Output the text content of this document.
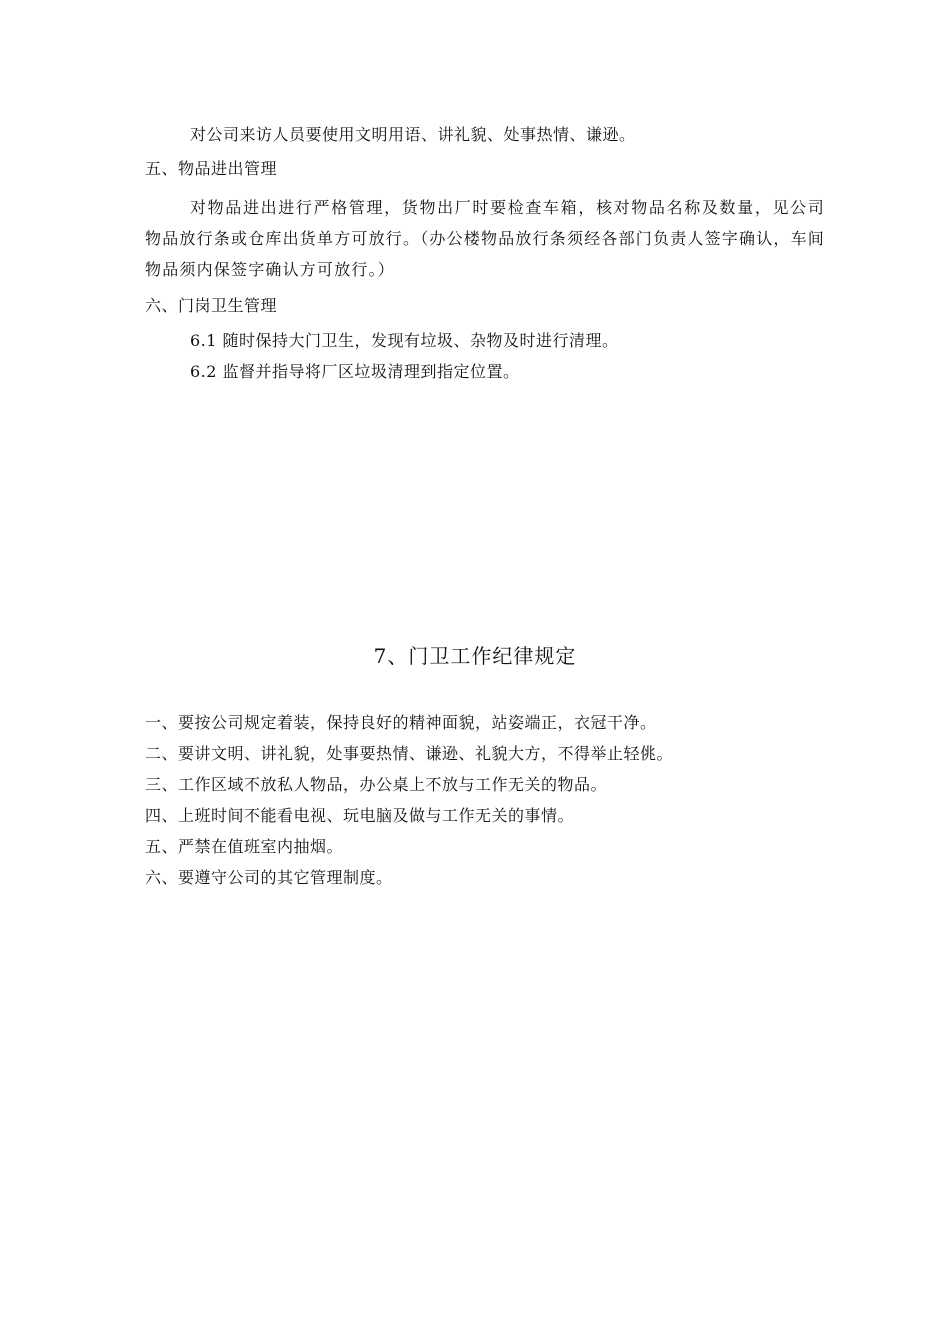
对公司来访人员要使用文明用语、讲礼貌、处事热情、谦逊。
五、物品进出管理
对物品进出进行严格管理，货物出厂时要检查车箱，核对物品名称及数量，见公司物品放行条或仓库出货单方可放行。（办公楼物品放行条须经各部门负责人签字确认，车间物品须内保签字确认方可放行。）
六、门岗卫生管理
6.1 随时保持大门卫生，发现有垃圾、杂物及时进行清理。
6.2 监督并指导将厂区垃圾清理到指定位置。
7、门卫工作纪律规定
一、要按公司规定着装，保持良好的精神面貌，站姿端正，衣冠干净。
二、要讲文明、讲礼貌，处事要热情、谦逊、礼貌大方，不得举止轻佻。
三、工作区域不放私人物品，办公桌上不放与工作无关的物品。
四、上班时间不能看电视、玩电脑及做与工作无关的事情。
五、严禁在值班室内抽烟。
六、要遵守公司的其它管理制度。
